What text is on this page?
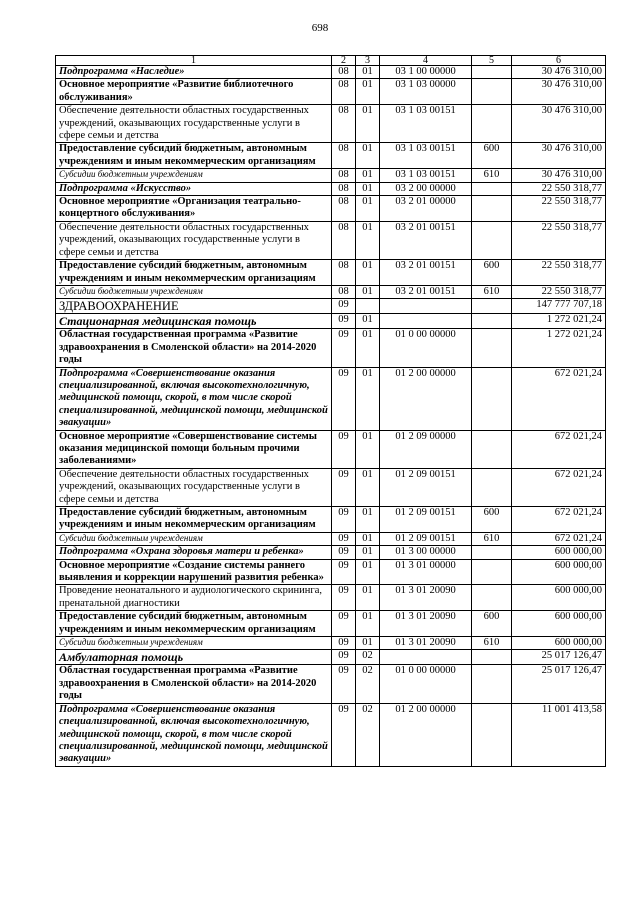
698
1	2	3	4	5	6
Подпрограмма «Наследие»	08	01	03 1 00 00000		30 476 310,00
Основное мероприятие «Развитие библиотечного обслуживания»	08	01	03 1 03 00000		30 476 310,00
Обеспечение деятельности областных государственных учреждений, оказывающих государственные услуги в сфере семьи и детства	08	01	03 1 03 00151		30 476 310,00
Предоставление субсидий бюджетным, автономным учреждениям и иным некоммерческим организациям	08	01	03 1 03 00151	600	30 476 310,00
Субсидии бюджетным учреждениям	08	01	03 1 03 00151	610	30 476 310,00
Подпрограмма «Искусство»	08	01	03 2 00 00000		22 550 318,77
Основное мероприятие «Организация театрально-концертного обслуживания»	08	01	03 2 01 00000		22 550 318,77
Обеспечение деятельности областных государственных учреждений, оказывающих государственные услуги в сфере семьи и детства	08	01	03 2 01 00151		22 550 318,77
Предоставление субсидий бюджетным, автономным учреждениям и иным некоммерческим организациям	08	01	03 2 01 00151	600	22 550 318,77
Субсидии бюджетным учреждениям	08	01	03 2 01 00151	610	22 550 318,77
ЗДРАВООХРАНЕНИЕ	09				147 777 707,18
Стационарная медицинская помощь	09	01			1 272 021,24
Областная государственная программа «Развитие здравоохранения в Смоленской области» на 2014-2020 годы	09	01	01 0 00 00000		1 272 021,24
Подпрограмма «Совершенствование оказания специализированной, включая высокотехнологичную, медицинской помощи, скорой, в том числе скорой специализированной, медицинской помощи, медицинской эвакуации»	09	01	01 2 00 00000		672 021,24
Основное мероприятие «Совершенствование системы оказания медицинской помощи больным прочими заболеваниями»	09	01	01 2 09 00000		672 021,24
Обеспечение деятельности областных государственных учреждений, оказывающих государственные услуги в сфере семьи и детства	09	01	01 2 09 00151		672 021,24
Предоставление субсидий бюджетным, автономным учреждениям и иным некоммерческим организациям	09	01	01 2 09 00151	600	672 021,24
Субсидии бюджетным учреждениям	09	01	01 2 09 00151	610	672 021,24
Подпрограмма «Охрана здоровья матери и ребенка»	09	01	01 3 00 00000		600 000,00
Основное мероприятие «Создание системы раннего выявления и коррекции нарушений развития ребенка»	09	01	01 3 01 00000		600 000,00
Проведение неонатального и аудиологического скрининга, пренатальной диагностики	09	01	01 3 01 20090		600 000,00
Предоставление субсидий бюджетным, автономным учреждениям и иным некоммерческим организациям	09	01	01 3 01 20090	600	600 000,00
Субсидии бюджетным учреждениям	09	01	01 3 01 20090	610	600 000,00
Амбулаторная помощь	09	02			25 017 126,47
Областная государственная программа «Развитие здравоохранения в Смоленской области» на 2014-2020 годы	09	02	01 0 00 00000		25 017 126,47
Подпрограмма «Совершенствование оказания специализированной, включая высокотехнологичную, медицинской помощи, скорой, в том числе скорой специализированной, медицинской помощи, медицинской эвакуации»	09	02	01 2 00 00000		11 001 413,58
